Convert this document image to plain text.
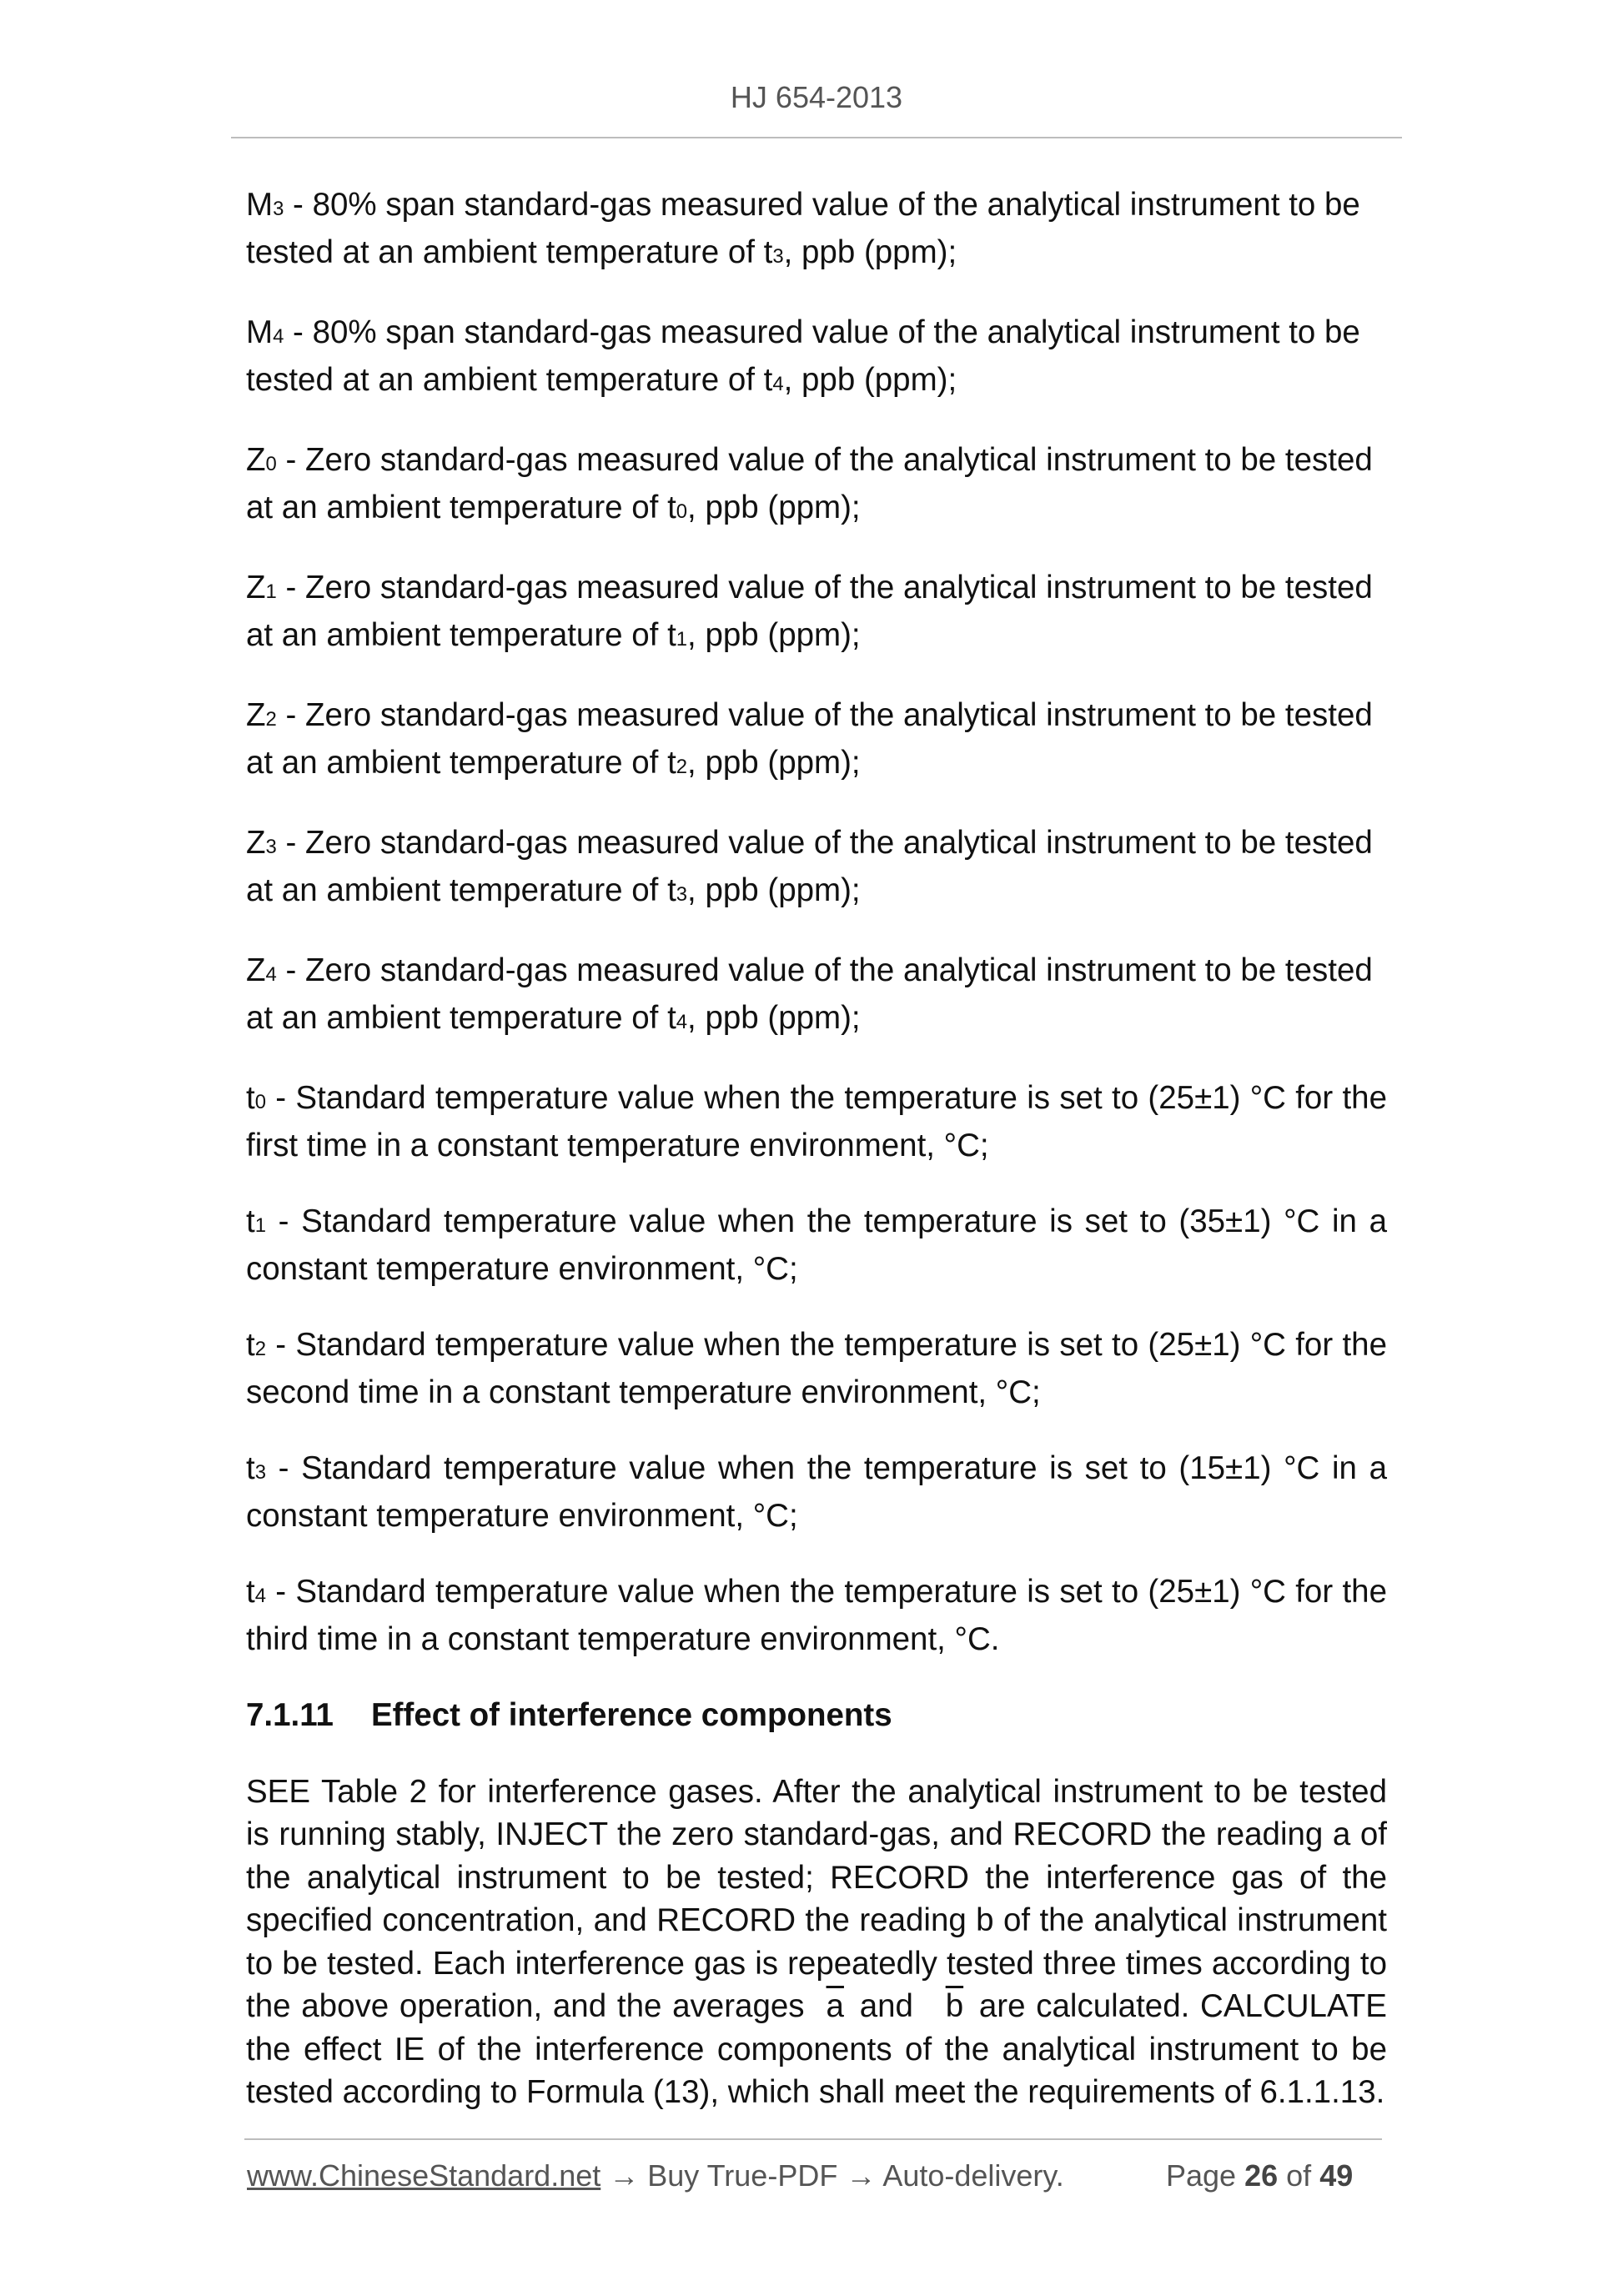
HJ 654-2013

M3 - 80% span standard-gas measured value of the analytical instrument to be tested at an ambient temperature of t3, ppb (ppm);

M4 - 80% span standard-gas measured value of the analytical instrument to be tested at an ambient temperature of t4, ppb (ppm);

Z0 - Zero standard-gas measured value of the analytical instrument to be tested at an ambient temperature of t0, ppb (ppm);

Z1 - Zero standard-gas measured value of the analytical instrument to be tested at an ambient temperature of t1, ppb (ppm);

Z2 - Zero standard-gas measured value of the analytical instrument to be tested at an ambient temperature of t2, ppb (ppm);

Z3 - Zero standard-gas measured value of the analytical instrument to be tested at an ambient temperature of t3, ppb (ppm);

Z4 - Zero standard-gas measured value of the analytical instrument to be tested at an ambient temperature of t4, ppb (ppm);

t0 - Standard temperature value when the temperature is set to (25±1) °C for the first time in a constant temperature environment, °C;

t1 - Standard temperature value when the temperature is set to (35±1) °C in a constant temperature environment, °C;

t2 - Standard temperature value when the temperature is set to (25±1) °C for the second time in a constant temperature environment, °C;

t3 - Standard temperature value when the temperature is set to (15±1) °C in a constant temperature environment, °C;

t4 - Standard temperature value when the temperature is set to (25±1) °C for the third time in a constant temperature environment, °C.

7.1.11 Effect of interference components

SEE Table 2 for interference gases. After the analytical instrument to be tested is running stably, INJECT the zero standard-gas, and RECORD the reading a of the analytical instrument to be tested; RECORD the interference gas of the specified concentration, and RECORD the reading b of the analytical instrument to be tested. Each interference gas is repeatedly tested three times according to the above operation, and the averages $\overline{a}$ and $\overline{b}$ are calculated. CALCULATE the effect IE of the interference components of the analytical instrument to be tested according to Formula (13), which shall meet the requirements of 6.1.1.13.

www.ChineseStandard.net → Buy True-PDF → Auto-delivery.	Page 26 of 49
